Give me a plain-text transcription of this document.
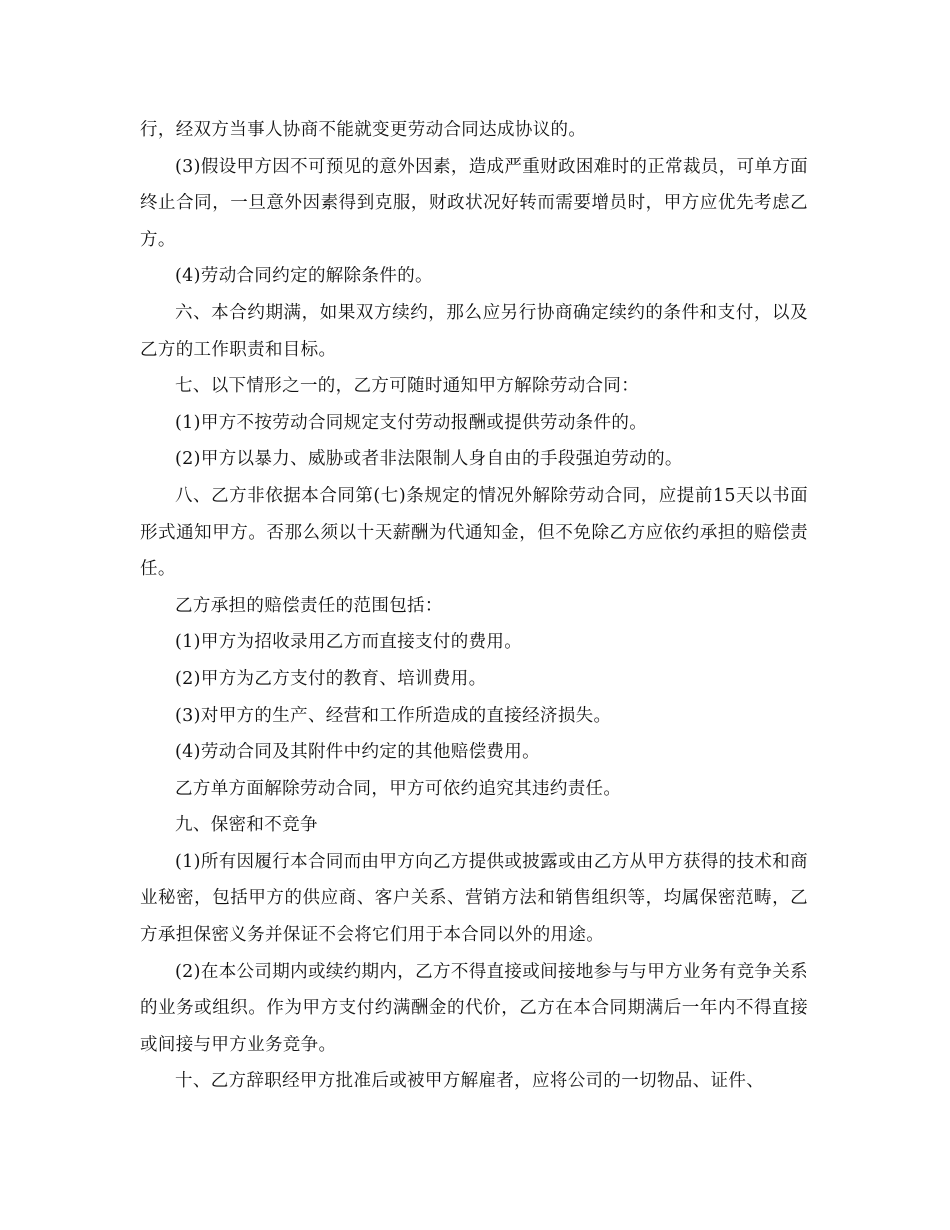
行，经双方当事人协商不能就变更劳动合同达成协议的。

(3)假设甲方因不可预见的意外因素，造成严重财政困难时的正常裁员，可单方面终止合同，一旦意外因素得到克服，财政状况好转而需要增员时，甲方应优先考虑乙方。

(4)劳动合同约定的解除条件的。

六、本合约期满，如果双方续约，那么应另行协商确定续约的条件和支付，以及乙方的工作职责和目标。

七、以下情形之一的，乙方可随时通知甲方解除劳动合同：

(1)甲方不按劳动合同规定支付劳动报酬或提供劳动条件的。

(2)甲方以暴力、威胁或者非法限制人身自由的手段强迫劳动的。

八、乙方非依据本合同第(七)条规定的情况外解除劳动合同，应提前15天以书面形式通知甲方。否那么须以十天薪酬为代通知金，但不免除乙方应依约承担的赔偿责任。

乙方承担的赔偿责任的范围包括：

(1)甲方为招收录用乙方而直接支付的费用。

(2)甲方为乙方支付的教育、培训费用。

(3)对甲方的生产、经营和工作所造成的直接经济损失。

(4)劳动合同及其附件中约定的其他赔偿费用。

乙方单方面解除劳动合同，甲方可依约追究其违约责任。

九、保密和不竞争

(1)所有因履行本合同而由甲方向乙方提供或披露或由乙方从甲方获得的技术和商业秘密，包括甲方的供应商、客户关系、营销方法和销售组织等，均属保密范畴，乙方承担保密义务并保证不会将它们用于本合同以外的用途。

(2)在本公司期内或续约期内，乙方不得直接或间接地参与与甲方业务有竞争关系的业务或组织。作为甲方支付约满酬金的代价，乙方在本合同期满后一年内不得直接或间接与甲方业务竞争。

十、乙方辞职经甲方批准后或被甲方解雇者，应将公司的一切物品、证件、
